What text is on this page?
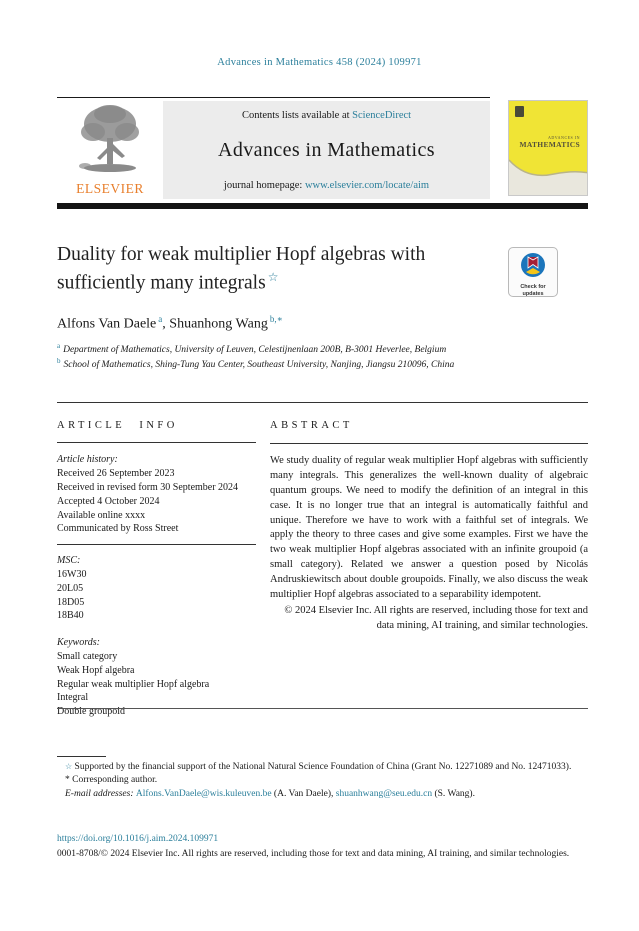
Advances in Mathematics 458 (2024) 109971
ELSEVIER
Contents lists available at ScienceDirect
Advances in Mathematics
journal homepage: www.elsevier.com/locate/aim
ADVANCES IN
MATHEMATICS
Duality for weak multiplier Hopf algebras with sufficiently many integrals ☆
Check for
updates
Alfons Van Daele $^a$, Shuanhong Wang $^{b,∗}$
$^a$ Department of Mathematics, University of Leuven, Celestijnenlaan 200B, B-3001 Heverlee, Belgium
$^b$ School of Mathematics, Shing-Tung Yau Center, Southeast University, Nanjing, Jiangsu 210096, China
ARTICLE INFO
Article history:
Received 26 September 2023
Received in revised form 30 September 2024
Accepted 4 October 2024
Available online xxxx
Communicated by Ross Street
MSC:
16W30
20L05
18D05
18B40
Keywords:
Small category
Weak Hopf algebra
Regular weak multiplier Hopf algebra
Integral
Double groupoid
ABSTRACT
We study duality of regular weak multiplier Hopf algebras with sufficiently many integrals. This generalizes the well-known duality of algebraic quantum groups. We need to modify the definition of an integral in this case. It is no longer true that an integral is automatically faithful and unique. Therefore we have to work with a faithful set of integrals. We apply the theory to three cases and give some examples. First we have the two weak multiplier Hopf algebras associated with an infinite groupoid (a small category). Related we answer a question posed by Nicolás Andruskiewitsch about double groupoids. Finally, we also discuss the weak multiplier Hopf algebras associated to a separability idempotent.
© 2024 Elsevier Inc. All rights are reserved, including those for text and data mining, AI training, and similar technologies.
☆ Supported by the financial support of the National Natural Science Foundation of China (Grant No. 12271089 and No. 12471033).
* Corresponding author.
E-mail addresses: Alfons.VanDaele@wis.kuleuven.be (A. Van Daele), shuanhwang@seu.edu.cn (S. Wang).
https://doi.org/10.1016/j.aim.2024.109971
0001-8708/© 2024 Elsevier Inc. All rights are reserved, including those for text and data mining, AI training, and similar technologies.
